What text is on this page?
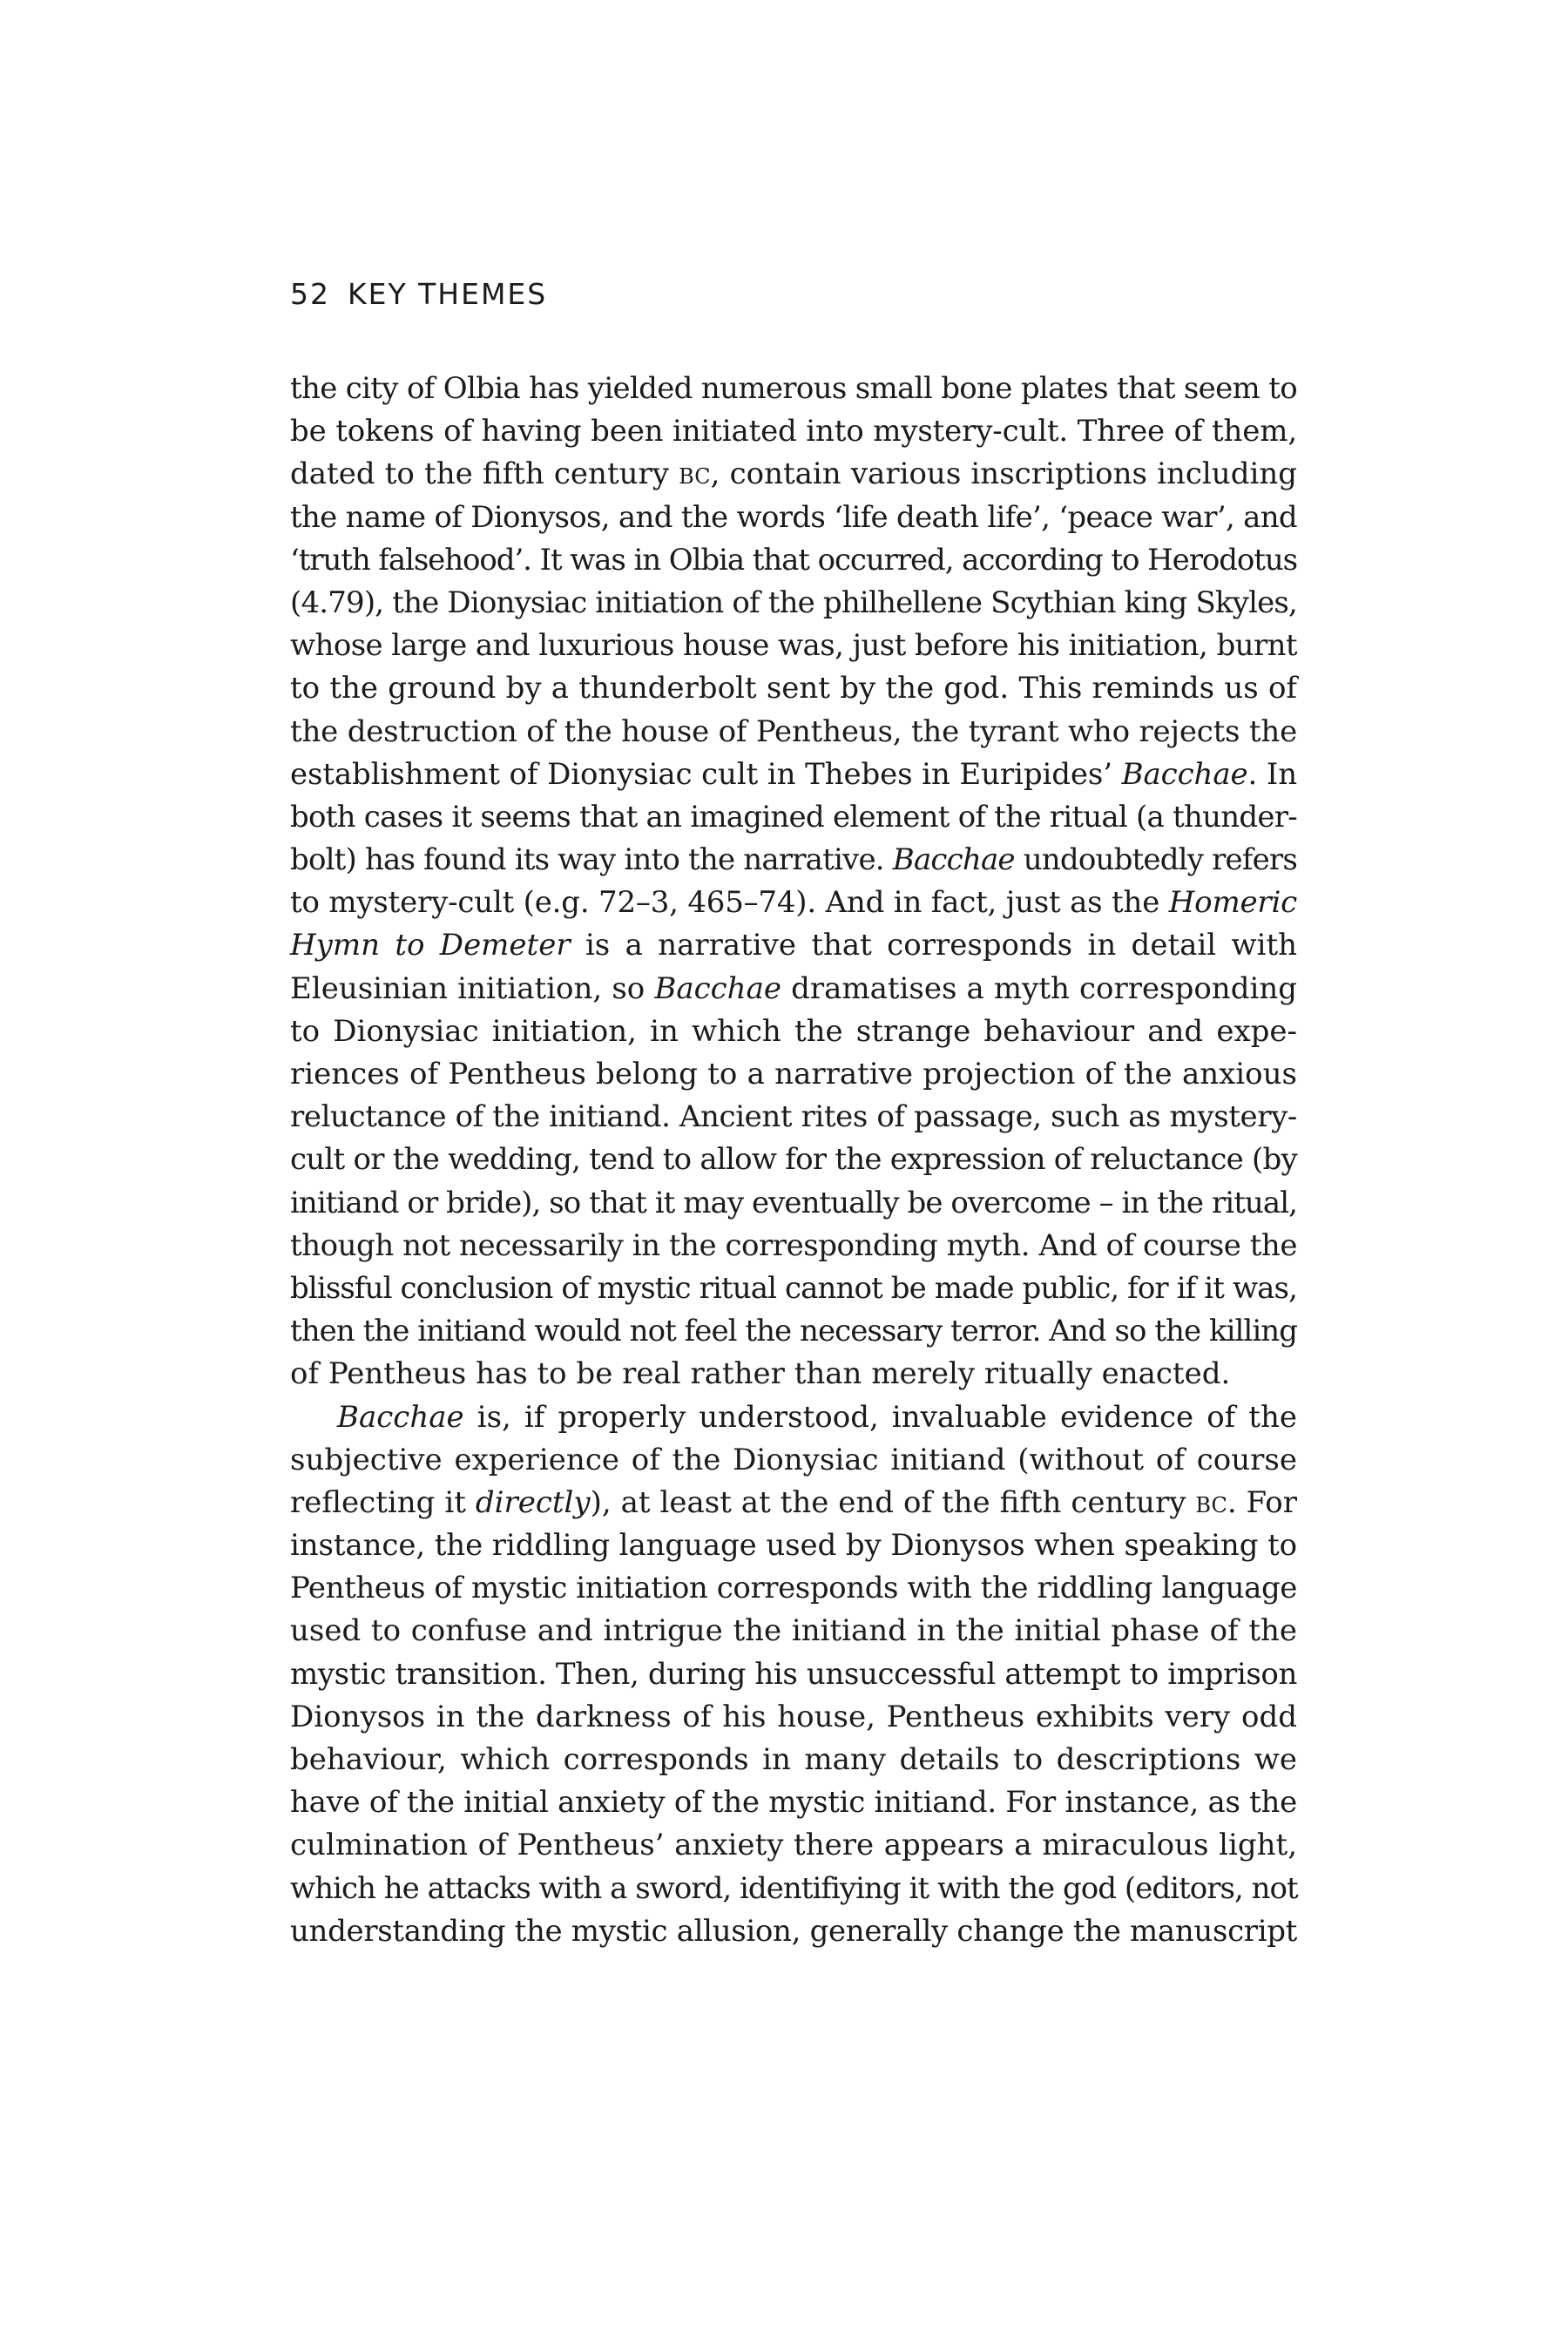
52 KEY THEMES
the city of Olbia has yielded numerous small bone plates that seem to
be tokens of having been initiated into mystery-cult. Three of them,
dated to the fifth century bc, contain various inscriptions including
the name of Dionysos, and the words ‘life death life’, ‘peace war’, and
‘truth falsehood’. It was in Olbia that occurred, according to Herodotus
(4.79), the Dionysiac initiation of the philhellene Scythian king Skyles,
whose large and luxurious house was, just before his initiation, burnt
to the ground by a thunderbolt sent by the god. This reminds us of
the destruction of the house of Pentheus, the tyrant who rejects the
establishment of Dionysiac cult in Thebes in Euripides’ Bacchae. In
both cases it seems that an imagined element of the ritual (a thunder-
bolt) has found its way into the narrative. Bacchae undoubtedly refers
to mystery-cult (e.g. 72–3, 465–74). And in fact, just as the Homeric
Hymn to Demeter is a narrative that corresponds in detail with
Eleusinian initiation, so Bacchae dramatises a myth corresponding
to Dionysiac initiation, in which the strange behaviour and expe-
riences of Pentheus belong to a narrative projection of the anxious
reluctance of the initiand. Ancient rites of passage, such as mystery-
cult or the wedding, tend to allow for the expression of reluctance (by
initiand or bride), so that it may eventually be overcome – in the ritual,
though not necessarily in the corresponding myth. And of course the
blissful conclusion of mystic ritual cannot be made public, for if it was,
then the initiand would not feel the necessary terror. And so the killing
of Pentheus has to be real rather than merely ritually enacted.
Bacchae is, if properly understood, invaluable evidence of the
subjective experience of the Dionysiac initiand (without of course
reflecting it directly), at least at the end of the fifth century bc. For
instance, the riddling language used by Dionysos when speaking to
Pentheus of mystic initiation corresponds with the riddling language
used to confuse and intrigue the initiand in the initial phase of the
mystic transition. Then, during his unsuccessful attempt to imprison
Dionysos in the darkness of his house, Pentheus exhibits very odd
behaviour, which corresponds in many details to descriptions we
have of the initial anxiety of the mystic initiand. For instance, as the
culmination of Pentheus’ anxiety there appears a miraculous light,
which he attacks with a sword, identifiying it with the god (editors, not
understanding the mystic allusion, generally change the manuscript
